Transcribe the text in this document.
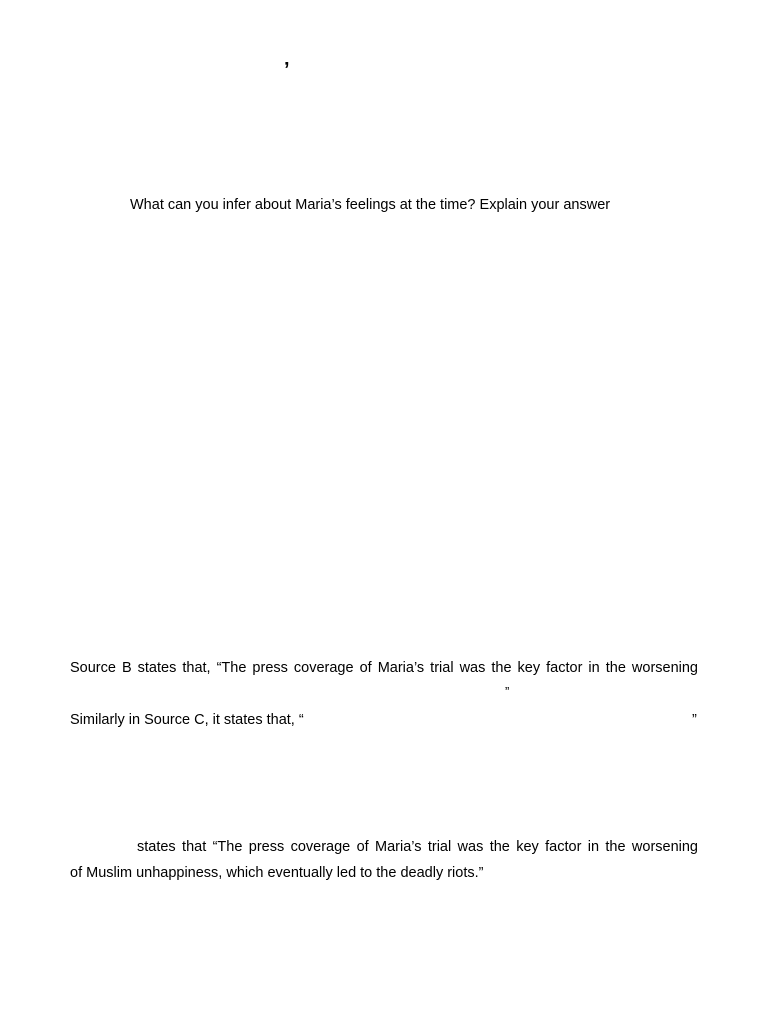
’
What can you infer about Maria’s feelings at the time? Explain your answer
Source B states that, “The press coverage of Maria’s trial was the key factor in the worsening
”
Similarly in Source C, it states that, “	”
states that “The press coverage of Maria’s trial was the key factor in the worsening
of Muslim unhappiness, which eventually led to the deadly riots.”
